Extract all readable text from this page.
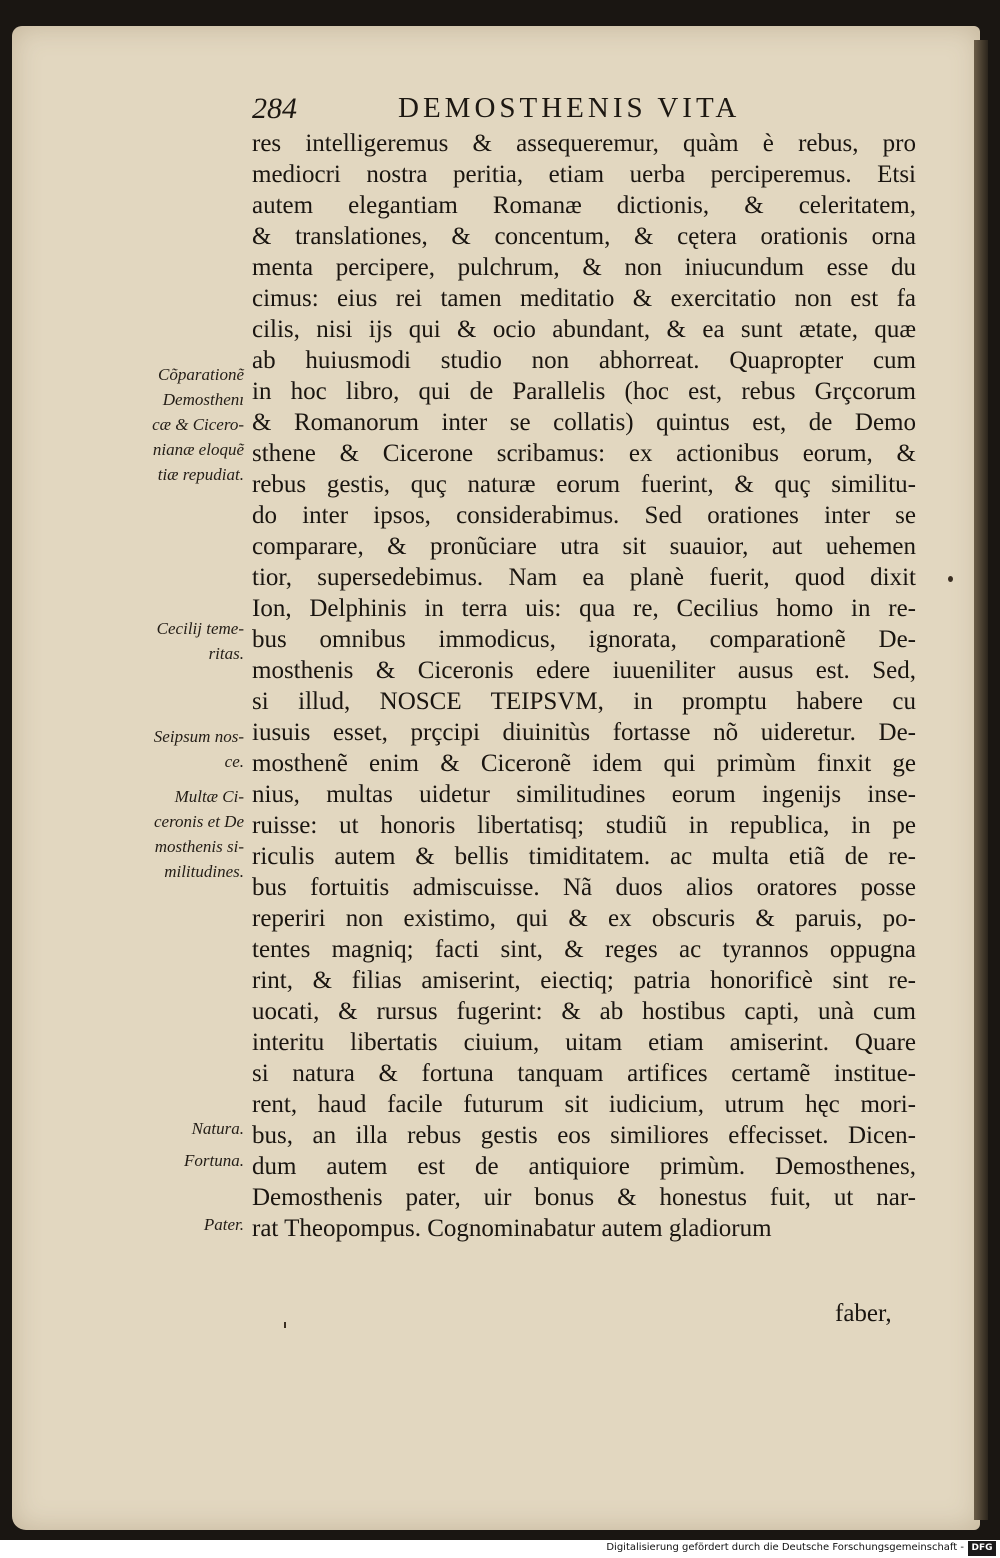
284	DEMOSTHENIS VITA
res intelligeremus & assequeremur, quàm è rebus, pro
mediocri nostra peritia, etiam uerba perciperemus. Etsi
autem elegantiam Romanæ dictionis, & celeritatem,
& translationes, & concentum, & cętera orationis orna
menta percipere, pulchrum, & non iniucundum esse du
cimus: eius rei tamen meditatio & exercitatio non est fa
cilis, nisi ijs qui & ocio abundant, & ea sunt ætate, quæ
ab huiusmodi studio non abhorreat. Quapropter cum
in hoc libro, qui de Parallelis (hoc est, rebus Grçcorum
& Romanorum inter se collatis) quintus est, de Demo
sthene & Cicerone scribamus: ex actionibus eorum, &
rebus gestis, quç naturæ eorum fuerint, & quç similitu-
do inter ipsos, considerabimus. Sed orationes inter se
comparare, & pronũciare utra sit suauior, aut uehemen
tior, supersedebimus. Nam ea planè fuerit, quod dixit
Ion, Delphinis in terra uis: qua re, Cecilius homo in re-
bus omnibus immodicus, ignorata, comparationẽ De-
mosthenis & Ciceronis edere iuueniliter ausus est. Sed,
si illud, NOSCE TEIPSVM, in promptu habere cu
iusuis esset, prçcipi diuinitùs fortasse nõ uideretur. De-
mosthenẽ enim & Ciceronẽ idem qui primùm finxit ge
nius, multas uidetur similitudines eorum ingenijs inse-
ruisse: ut honoris libertatisq; studiũ in republica, in pe
riculis autem & bellis timiditatem. ac multa etiã de re-
bus fortuitis admiscuisse. Nã duos alios oratores posse
reperiri non existimo, qui & ex obscuris & paruis, po-
tentes magniq; facti sint, & reges ac tyrannos oppugna
rint, & filias amiserint, eiectiq; patria honorificè sint re-
uocati, & rursus fugerint: & ab hostibus capti, unà cum
interitu libertatis ciuium, uitam etiam amiserint. Quare
si natura & fortuna tanquam artifices certamẽ institue-
rent, haud facile futurum sit iudicium, utrum hęc mori-
bus, an illa rebus gestis eos similiores effecisset. Dicen-
dum autem est de antiquiore primùm. Demosthenes,
Demosthenis pater, uir bonus & honestus fuit, ut nar-
rat Theopompus. Cognominabatur autem gladiorum
faber,
Cõparationẽ
Demosthenı
cæ & Cicero-
nianæ eloquẽ
tiæ repudiat.
Cecilij teme-
ritas.
Seipsum nos-
ce.
Multæ Ci-
ceronis et De
mosthenis si-
militudines.
Natura.
Fortuna.
Pater.
Digitalisierung gefördert durch die Deutsche Forschungsgemeinschaft - DFG
